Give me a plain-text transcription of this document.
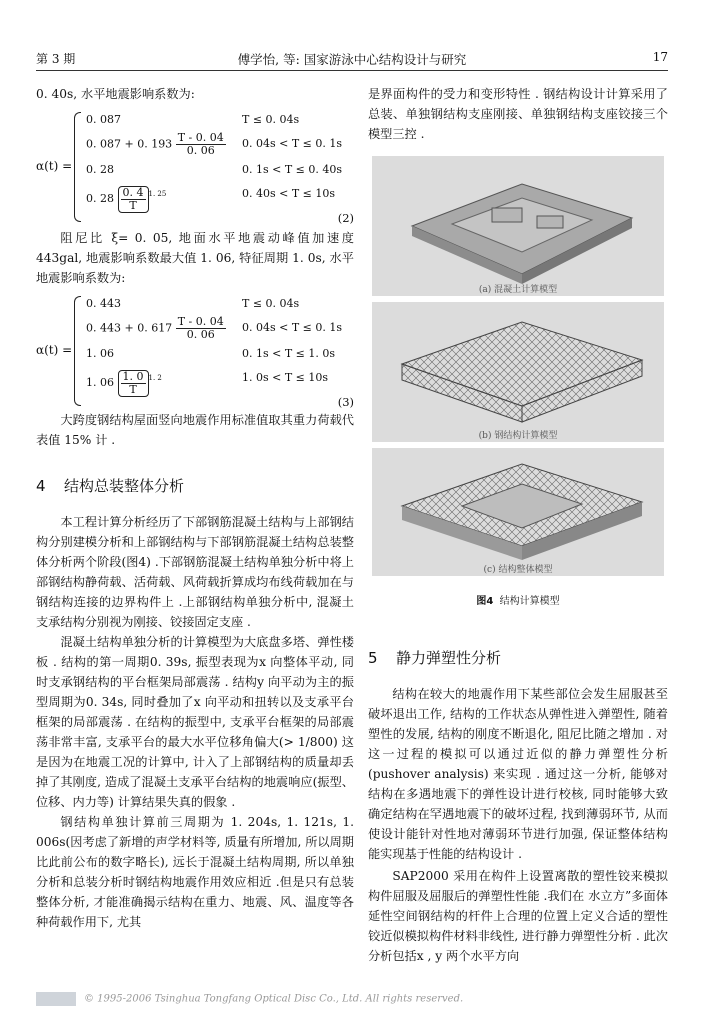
第 3 期	傅学怡, 等: 国家游泳中心结构设计与研究	17

0. 40s, 水平地震影响系数为:

α(t) =
0. 087
0. 087 + 0. $193 \frac{T - 0. 04}{0. 06}$
0. 28
0. $28 \frac{0. 4}{T} ^{1. 25}$
T ≤ 0. 04s
0. 04s < T ≤ 0. 1s
0. 1s < T ≤ 0. 40s
0. 40s < T ≤ 10s
(2)

阻尼比 ξ= 0. 05, 地面水平地震动峰值加速度 443gal, 地震影响系数最大值 1. 06, 特征周期 1. 0s, 水平地震影响系数为:

α(t) =
0. 443
0. 443 + 0. $617 \frac{T - 0. 04}{0. 06}$
1. 06
1. $06 \frac{1. 0}{T} ^{1. 2}$
T ≤ 0. 04s
0. 04s < T ≤ 0. 1s
0. 1s < T ≤ 1. 0s
1. 0s < T ≤ 10s
(3)

大跨度钢结构屋面竖向地震作用标准值取其重力荷载代表值 15% 计 .

4 结构总装整体分析

本工程计算分析经历了下部钢筋混凝土结构与上部钢结构分别建模分析和上部钢结构与下部钢筋混凝土结构总装整体分析两个阶段(图4) .下部钢筋混凝土结构单独分析中将上部钢结构静荷载、活荷载、风荷载折算成均布线荷载加在与钢结构连接的边界构件上 .上部钢结构单独分析中, 混凝土支承结构分别视为刚接、铰接固定支座 .

混凝土结构单独分析的计算模型为大底盘多塔、弹性楼板 . 结构的第一周期0. 39s, 振型表现为x 向整体平动, 同时支承钢结构的平台框架局部震荡 . 结构y 向平动为主的振型周期为0. 34s, 同时叠加了x 向平动和扭转以及支承平台框架的局部震荡 . 在结构的振型中, 支承平台框架的局部震荡非常丰富, 支承平台的最大水平位移角偏大(> 1/800) 这是因为在地震工况的计算中, 计入了上部钢结构的质量却丢掉了其刚度, 造成了混凝土支承平台结构的地震响应(振型、位移、内力等) 计算结果失真的假象 .

钢结构单独计算前三周期为 1. 204s, 1. 121s, 1. 006s(因考虑了新增的声学材料等, 质量有所增加, 所以周期比此前公布的数字略长), 远长于混凝土结构周期, 所以单独分析和总装分析时钢结构地震作用效应相近 .但是只有总装整体分析, 才能准确揭示结构在重力、地震、风、温度等各种荷载作用下, 尤其

是界面构件的受力和变形特性 . 钢结构设计计算采用了总装、单独钢结构支座刚接、单独钢结构支座铰接三个模型三控 .

(a) 混凝土计算模型
(b) 钢结构计算模型
(c) 结构整体模型
图4 结构计算模型
5 静力弹塑性分析

结构在较大的地震作用下某些部位会发生屈服甚至破坏退出工作, 结构的工作状态从弹性进入弹塑性, 随着塑性的发展, 结构的刚度不断退化, 阻尼比随之增加 . 对这一过程的模拟可以通过近似的静力弹塑性分析(pushover analysis) 来实现 . 通过这一分析, 能够对结构在多遇地震下的弹性设计进行校核, 同时能够大致确定结构在罕遇地震下的破坏过程, 找到薄弱环节, 从而使设计能针对性地对薄弱环节进行加强, 保证整体结构能实现基于性能的结构设计 .

SAP2000 采用在构件上设置离散的塑性铰来模拟构件屈服及屈服后的弹塑性性能 .我们在 水立方”多面体延性空间钢结构的杆件上合理的位置上定义合适的塑性铰近似模拟构件材料非线性, 进行静力弹塑性分析 . 此次分析包括x , y 两个水平方向

© 1995-2006 Tsinghua Tongfang Optical Disc Co., Ltd. All rights reserved.
